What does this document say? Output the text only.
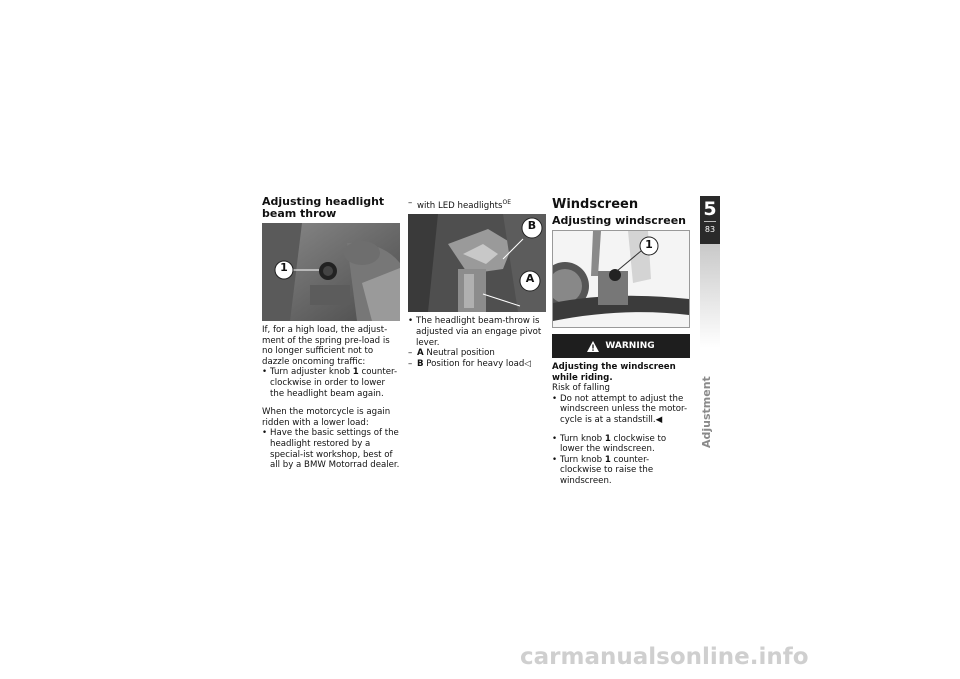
Adjusting headlight beam throw
1

If, for a high load, the adjust-ment of the spring pre-load is no longer sufficient not to dazzle oncoming traffic:

• Turn adjuster knob 1 counter-clockwise in order to lower the headlight beam again.

When the motorcycle is again ridden with a lower load:

• Have the basic settings of the headlight restored by a special-ist workshop, best of all by a BMW Motorrad dealer.

– with LED headlights$^{OE}$

B
A

• The headlight beam-throw is adjusted via an engage pivot lever.

– A Neutral position

– B Position for heavy load◁

Windscreen
Adjusting windscreen
1
WARNING

Adjusting the windscreen while riding.

Risk of falling

• Do not attempt to adjust the windscreen unless the motor-cycle is at a standstill.◀

• Turn knob 1 clockwise to lower the windscreen.

• Turn knob 1 counter-clockwise to raise the windscreen.

5
83
Adjustment
carmanualsonline.info
